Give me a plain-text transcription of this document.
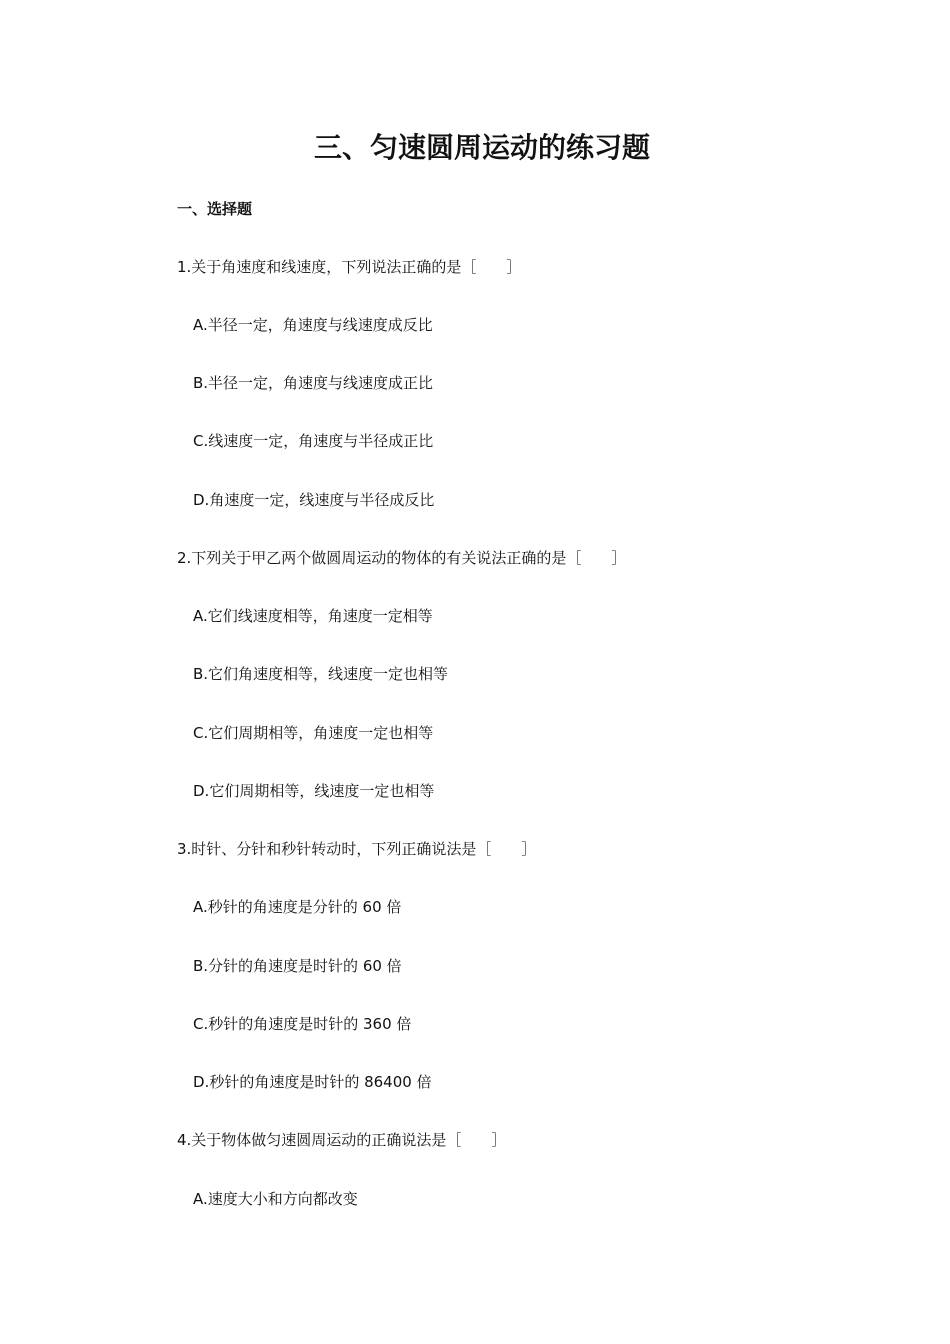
三、匀速圆周运动的练习题
一、选择题
1.关于角速度和线速度，下列说法正确的是［　　］
A.半径一定，角速度与线速度成反比
B.半径一定，角速度与线速度成正比
C.线速度一定，角速度与半径成正比
D.角速度一定，线速度与半径成反比
2.下列关于甲乙两个做圆周运动的物体的有关说法正确的是［　　］
A.它们线速度相等，角速度一定相等
B.它们角速度相等，线速度一定也相等
C.它们周期相等，角速度一定也相等
D.它们周期相等，线速度一定也相等
3.时针、分针和秒针转动时，下列正确说法是［　　］
A.秒针的角速度是分针的 60 倍
B.分针的角速度是时针的 60 倍
C.秒针的角速度是时针的 360 倍
D.秒针的角速度是时针的 86400 倍
4.关于物体做匀速圆周运动的正确说法是［　　］
A.速度大小和方向都改变
